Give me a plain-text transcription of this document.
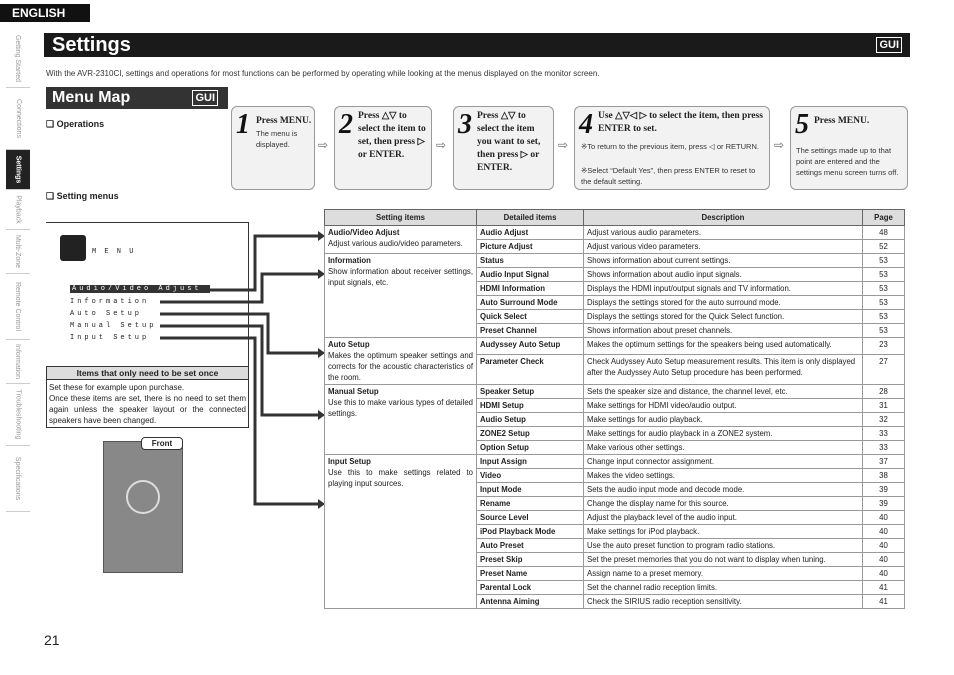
ENGLISH
Getting Started
Connections
Settings
Playback
Multi-Zone
Remote Control
Information
Troubleshooting
Specifications
Settings	GUI
With the AVR-2310CI, settings and operations for most functions can be performed by operating while looking at the menus displayed on the monitor screen.
Menu Map	GUI
❑ Operations
❑ Setting menus
1 Press MENU.
The menu is displayed.	⇨
2 Press △▽ to select the item to set, then press ▷ or ENTER.
⇨
3 Press △▽ to select the item you want to set, then press ▷ or ENTER.
⇨
4 Use △▽◁ ▷ to select the item, then press ENTER to set.
※To return to the previous item, press ◁ or RETURN.
※Select “Default Yes”, then press ENTER to reset to the default setting.
⇨
5 Press MENU.
The settings made up to that point are entered and the settings menu screen turns off.
M E N U
Audio/Video Adjust
Information
Auto Setup
Manual Setup
Input Setup
Items that only need to be set once
Set these for example upon purchase.
Once these items are set, there is no need to set them again unless the speaker layout or the connected speakers have been changed.
Front
Setting items	Detailed items	Description	Page

Audio/Video Adjust
Adjust various audio/video parameters.	Audio Adjust	Adjust various audio parameters.	48
	Picture Adjust	Adjust various video parameters.	52

Information
Show information about receiver settings, input signals, etc.	Status	Shows information about current settings.	53
	Audio Input Signal	Shows information about audio input signals.	53
	HDMI Information	Displays the HDMI input/output signals and TV information.	53
	Auto Surround Mode	Displays the settings stored for the auto surround mode.	53
	Quick Select	Displays the settings stored for the Quick Select function.	53
	Preset Channel	Shows information about preset channels.	53

Auto Setup
Makes the optimum speaker settings and corrects for the acoustic characteristics of the room.	Audyssey Auto Setup	Makes the optimum settings for the speakers being used automatically.	23
	Parameter Check	Check Audyssey Auto Setup measurement results. This item is only displayed after the Audyssey Auto Setup procedure has been performed.	27

Manual Setup
Use this to make various types of detailed settings.	Speaker Setup	Sets the speaker size and distance, the channel level, etc.	28
	HDMI Setup	Make settings for HDMI video/audio output.	31
	Audio Setup	Make settings for audio playback.	32
	ZONE2 Setup	Make settings for audio playback in a ZONE2 system.	33
	Option Setup	Make various other settings.	33

Input Setup
Use this to make settings related to playing input sources.	Input Assign	Change input connector assignment.	37
	Video	Makes the video settings.	38
	Input Mode	Sets the audio input mode and decode mode.	39
	Rename	Change the display name for this source.	39
	Source Level	Adjust the playback level of the audio input.	40
	iPod Playback Mode	Make settings for iPod playback.	40
	Auto Preset	Use the auto preset function to program radio stations.	40
	Preset Skip	Set the preset memories that you do not want to display when tuning.	40
	Preset Name	Assign name to a preset memory.	40
	Parental Lock	Set the channel radio reception limits.	41
	Antenna Aiming	Check the SIRIUS radio reception sensitivity.	41
21
